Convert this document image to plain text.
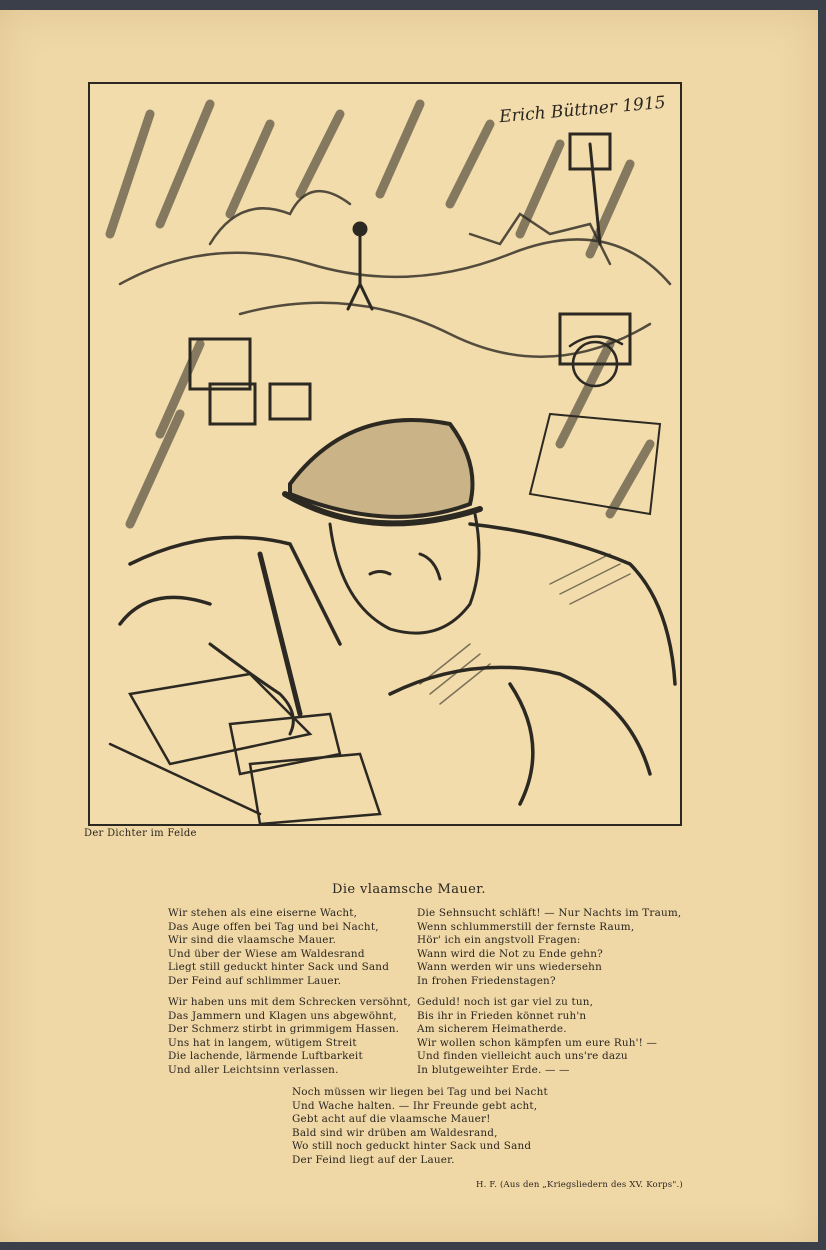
Erich Büttner 1915
Der Dichter im Felde
Die vlaamsche Mauer.
Wir stehen als eine eiserne Wacht,
Das Auge offen bei Tag und bei Nacht,
Wir sind die vlaamsche Mauer.
Und über der Wiese am Waldesrand
Liegt still geduckt hinter Sack und Sand
Der Feind auf schlimmer Lauer.
Wir haben uns mit dem Schrecken versöhnt,
Das Jammern und Klagen uns abgewöhnt,
Der Schmerz stirbt in grimmigem Hassen.
Uns hat in langem, wütigem Streit
Die lachende, lärmende Luftbarkeit
Und aller Leichtsinn verlassen.
Die Sehnsucht schläft! — Nur Nachts im Traum,
Wenn schlummerstill der fernste Raum,
Hör' ich ein angstvoll Fragen:
Wann wird die Not zu Ende gehn?
Wann werden wir uns wiedersehn
In frohen Friedenstagen?
Geduld! noch ist gar viel zu tun,
Bis ihr in Frieden könnet ruh'n
Am sicherem Heimatherde.
Wir wollen schon kämpfen um eure Ruh'! —
Und finden vielleicht auch uns're dazu
In blutgeweihter Erde. — —
Noch müssen wir liegen bei Tag und bei Nacht
Und Wache halten. — Ihr Freunde gebt acht,
Gebt acht auf die vlaamsche Mauer!
Bald sind wir drüben am Waldesrand,
Wo still noch geduckt hinter Sack und Sand
Der Feind liegt auf der Lauer.
H. F. (Aus den „Kriegsliedern des XV. Korps".)
